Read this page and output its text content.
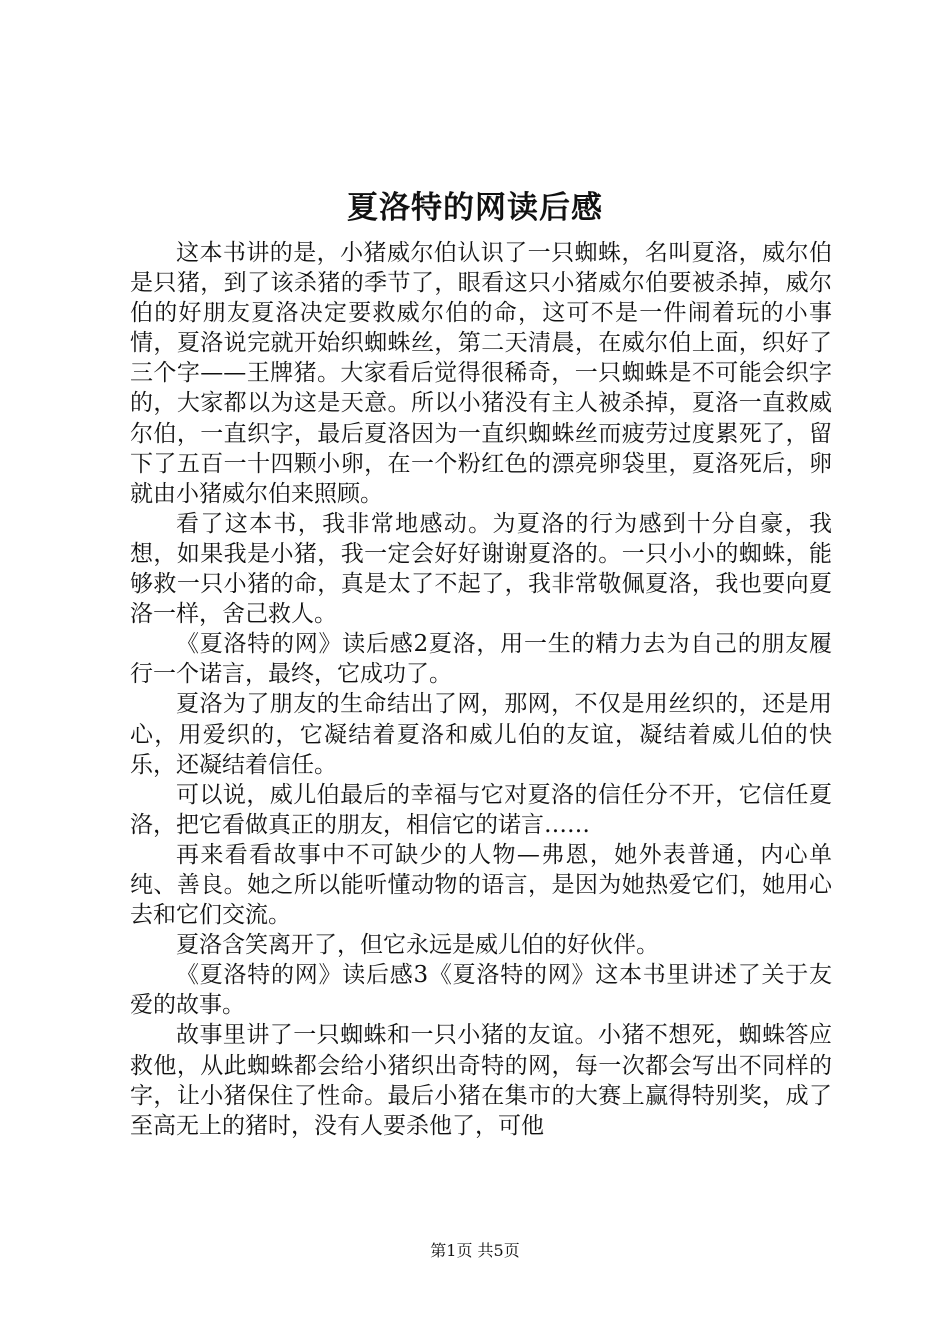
夏洛特的网读后感

这本书讲的是，小猪威尔伯认识了一只蜘蛛，名叫夏洛，威尔伯是只猪，到了该杀猪的季节了，眼看这只小猪威尔伯要被杀掉，威尔伯的好朋友夏洛决定要救威尔伯的命，这可不是一件闹着玩的小事情，夏洛说完就开始织蜘蛛丝，第二天清晨，在威尔伯上面，织好了三个字——王牌猪。大家看后觉得很稀奇，一只蜘蛛是不可能会织字的，大家都以为这是天意。所以小猪没有主人被杀掉，夏洛一直救威尔伯，一直织字，最后夏洛因为一直织蜘蛛丝而疲劳过度累死了，留下了五百一十四颗小卵，在一个粉红色的漂亮卵袋里，夏洛死后，卵就由小猪威尔伯来照顾。

看了这本书，我非常地感动。为夏洛的行为感到十分自豪，我想，如果我是小猪，我一定会好好谢谢夏洛的。一只小小的蜘蛛，能够救一只小猪的命，真是太了不起了，我非常敬佩夏洛，我也要向夏洛一样，舍己救人。

《夏洛特的网》读后感2夏洛，用一生的精力去为自己的朋友履行一个诺言，最终，它成功了。

夏洛为了朋友的生命结出了网，那网，不仅是用丝织的，还是用心，用爱织的，它凝结着夏洛和威儿伯的友谊，凝结着威儿伯的快乐，还凝结着信任。

可以说，威儿伯最后的幸福与它对夏洛的信任分不开，它信任夏洛，把它看做真正的朋友，相信它的诺言……

再来看看故事中不可缺少的人物—弗恩，她外表普通，内心单纯、善良。她之所以能听懂动物的语言，是因为她热爱它们，她用心去和它们交流。

夏洛含笑离开了，但它永远是威儿伯的好伙伴。

《夏洛特的网》读后感3《夏洛特的网》这本书里讲述了关于友爱的故事。

故事里讲了一只蜘蛛和一只小猪的友谊。小猪不想死，蜘蛛答应救他，从此蜘蛛都会给小猪织出奇特的网，每一次都会写出不同样的字，让小猪保住了性命。最后小猪在集市的大赛上赢得特别奖，成了至高无上的猪时，没有人要杀他了，可他

第1页 共5页
